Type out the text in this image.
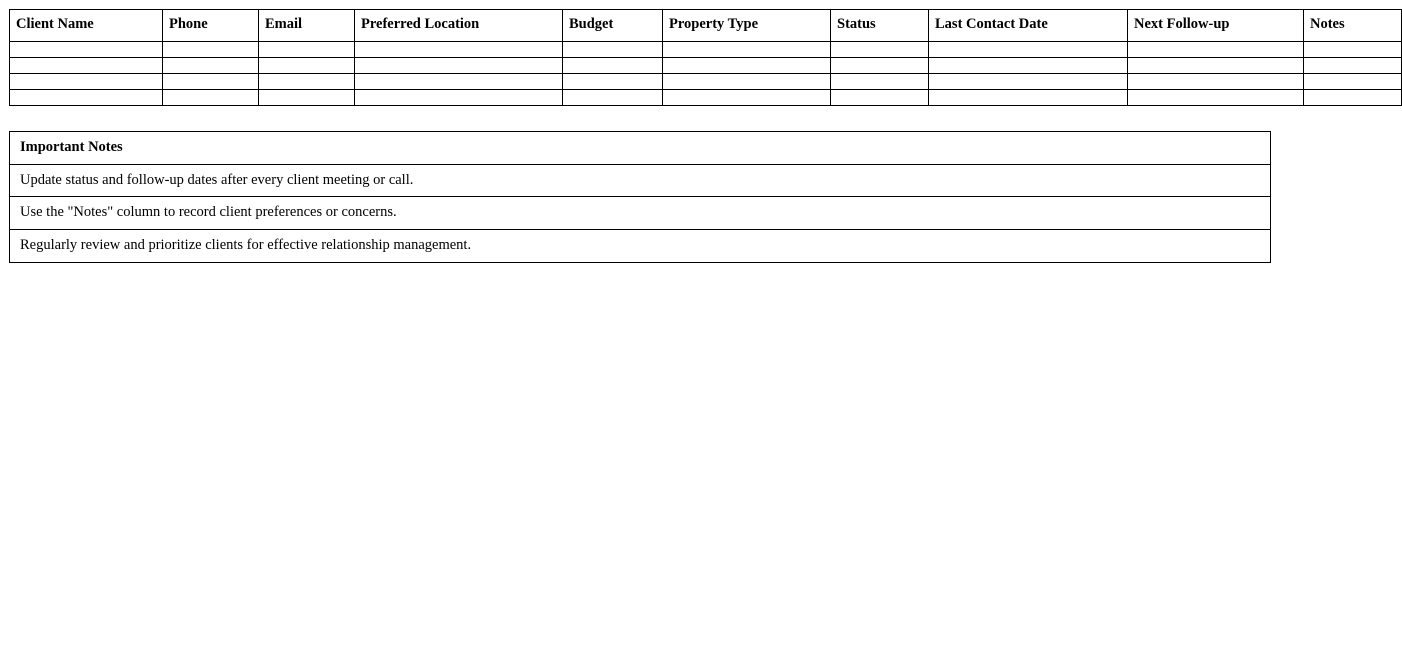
Client Name	Phone	Email	Preferred Location	Budget	Property Type	Status	Last Contact Date	Next Follow-up	Notes

Important Notes
Update status and follow-up dates after every client meeting or call.
Use the "Notes" column to record client preferences or concerns.
Regularly review and prioritize clients for effective relationship management.
